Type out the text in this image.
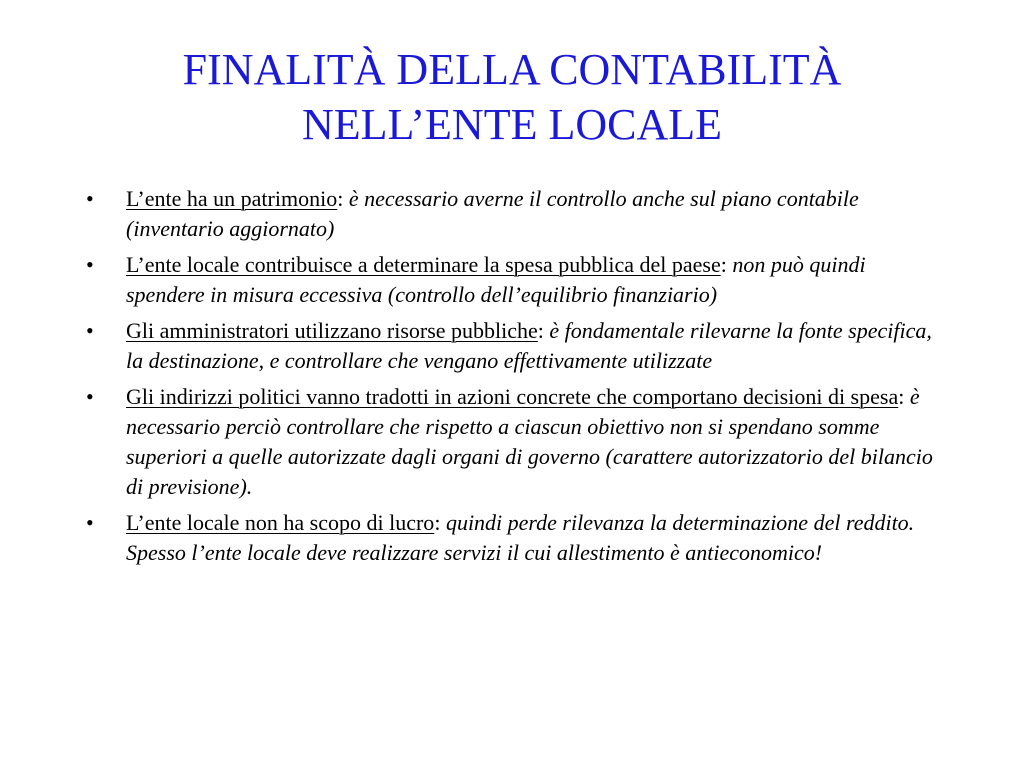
FINALITÀ DELLA CONTABILITÀ
NELL’ENTE LOCALE
•	L’ente ha un patrimonio: è necessario averne il controllo anche sul piano contabile (inventario aggiornato)
•	L’ente locale contribuisce a determinare la spesa pubblica del paese: non può quindi spendere in misura eccessiva (controllo dell’equilibrio finanziario)
•	Gli amministratori utilizzano risorse pubbliche: è fondamentale rilevarne la fonte specifica, la destinazione, e controllare che vengano effettivamente utilizzate
•	Gli indirizzi politici vanno tradotti in azioni concrete che comportano decisioni di spesa: è necessario perciò controllare che rispetto a ciascun obiettivo non si spendano somme superiori a quelle autorizzate dagli organi di governo (carattere autorizzatorio del bilancio di previsione).
•	L’ente locale non ha scopo di lucro: quindi perde rilevanza la determinazione del reddito. Spesso l’ente locale deve realizzare servizi il cui allestimento è antieconomico!
